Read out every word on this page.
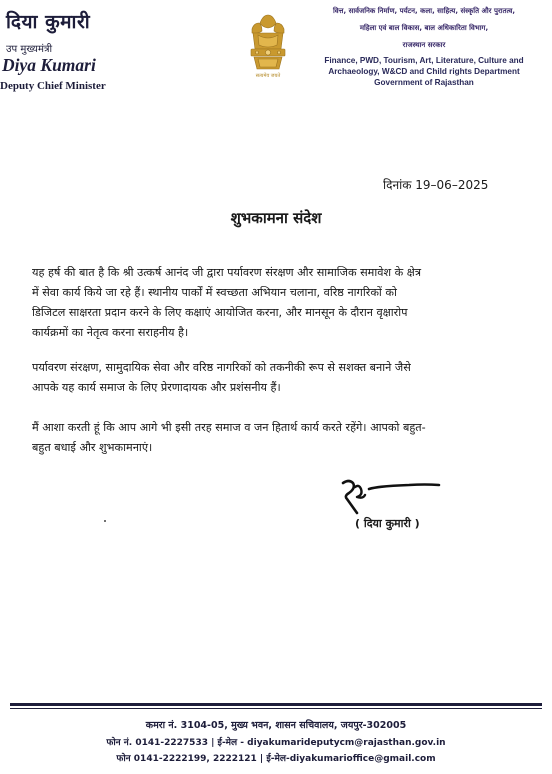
दिया कुमारी
उप मुख्यमंत्री
Diya Kumari
Deputy Chief Minister
सत्यमेव जयते
वित्त, सार्वजनिक निर्माण, पर्यटन, कला, साहित्य, संस्कृति और पुरातत्व,
महिला एवं बाल विकास, बाल अधिकारिता विभाग,
राजस्थान सरकार
Finance, PWD, Tourism, Art, Literature, Culture and
Archaeology, W&CD and Child rights Department
Government of Rajasthan
दिनांक 19–06–2025
शुभकामना संदेश
यह हर्ष की बात है कि श्री उत्कर्ष आनंद जी द्वारा पर्यावरण संरक्षण और सामाजिक समावेश के क्षेत्र
में सेवा कार्य किये जा रहे हैं। स्थानीय पार्कों में स्वच्छता अभियान चलाना, वरिष्ठ नागरिकों को
डिजिटल साक्षरता प्रदान करने के लिए कक्षाएं आयोजित करना, और मानसून के दौरान वृक्षारोप
कार्यक्रमों का नेतृत्व करना सराहनीय है।
पर्यावरण संरक्षण, सामुदायिक सेवा और वरिष्ठ नागरिकों को तकनीकी रूप से सशक्त बनाने जैसे
आपके यह कार्य समाज के लिए प्रेरणादायक और प्रशंसनीय हैं।
मैं आशा करती हूं कि आप आगे भी इसी तरह समाज व जन हितार्थ कार्य करते रहेंगे। आपको बहुत-
बहुत बधाई और शुभकामनाएं।
( दिया कुमारी )
कमरा नं. 3104-05, मुख्य भवन, शासन सचिवालय, जयपुर-302005
फोन नं. 0141-2227533 | ई-मेल - diyakumarideputycm@rajasthan.gov.in
फोन 0141-2222199, 2222121 | ई-मेल-diyakumarioffice@gmail.com
